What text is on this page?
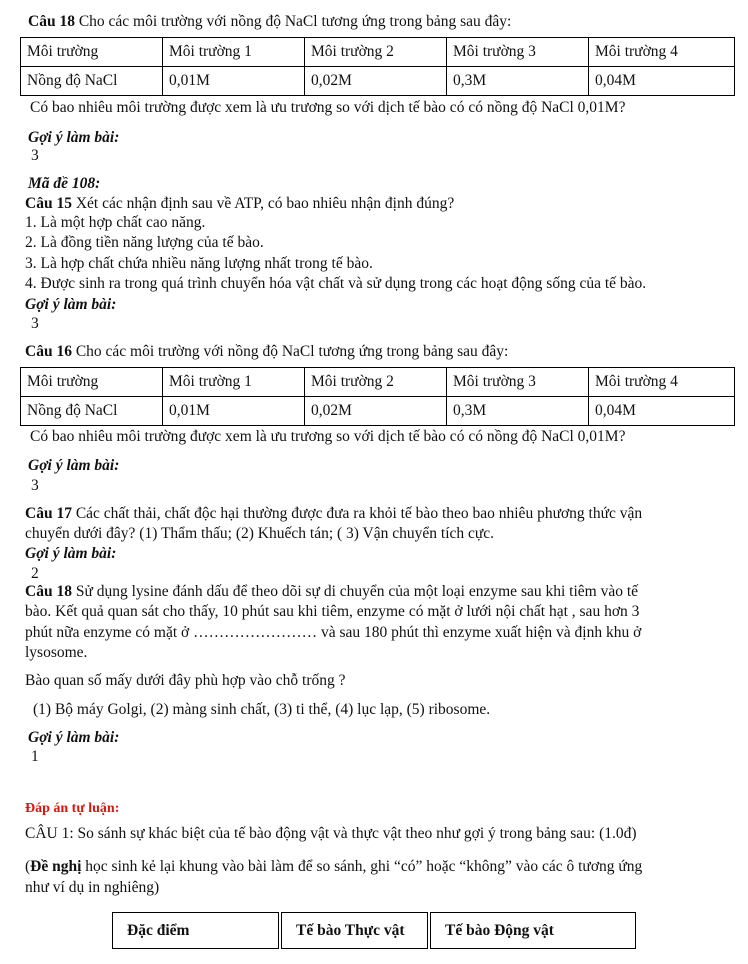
Câu 18 Cho các môi trường với nồng độ NaCl tương ứng trong bảng sau đây:
Môi trường	Môi trường 1	Môi trường 2	Môi trường 3	Môi trường 4
Nồng độ NaCl	0,01M	0,02M	0,3M	0,04M
Có bao nhiêu môi trường được xem là ưu trương so với dịch tế bào có có nồng độ NaCl 0,01M?
Gợi ý làm bài:
3
Mã đề 108:
Câu 15 Xét các nhận định sau về ATP, có bao nhiêu nhận định đúng?
1. Là một hợp chất cao năng.
2. Là đồng tiền năng lượng của tế bào.
3. Là hợp chất chứa nhiều năng lượng nhất trong tế bào.
4. Được sinh ra trong quá trình chuyển hóa vật chất và sử dụng trong các hoạt động sống của tế bào.
Gợi ý làm bài:
3
Câu 16 Cho các môi trường với nồng độ NaCl tương ứng trong bảng sau đây:
Môi trường	Môi trường 1	Môi trường 2	Môi trường 3	Môi trường 4
Nồng độ NaCl	0,01M	0,02M	0,3M	0,04M
Có bao nhiêu môi trường được xem là ưu trương so với dịch tế bào có có nồng độ NaCl 0,01M?
Gợi ý làm bài:
3
Câu 17 Các chất thải, chất độc hại thường được đưa ra khỏi tế bào theo bao nhiêu phương thức vận
chuyển dưới đây? (1) Thẩm thấu; (2) Khuếch tán; ( 3) Vận chuyển tích cực.
Gợi ý làm bài:
2
Câu 18 Sử dụng lysine đánh dấu để theo dõi sự di chuyển của một loại enzyme sau khi tiêm vào tế
bào. Kết quả quan sát cho thấy, 10 phút sau khi tiêm, enzyme có mặt ở lưới nội chất hạt , sau hơn 3
phút nữa enzyme có mặt ở …………………… và sau 180 phút thì enzyme xuất hiện và định khu ở
lysosome.
Bào quan số mấy dưới đây phù hợp vào chỗ trống ?
(1) Bộ máy Golgi, (2) màng sinh chất, (3) ti thể, (4) lục lạp, (5) ribosome.
Gợi ý làm bài:
1
Đáp án tự luận:
CÂU 1: So sánh sự khác biệt của tế bào động vật và thực vật theo như gợi ý trong bảng sau: (1.0đ)
(Đề nghị học sinh kẻ lại khung vào bài làm để so sánh, ghi “có” hoặc “không” vào các ô tương ứng
như ví dụ in nghiêng)
Đặc điểm		Tế bào Thực vật		Tế bào Động vật
